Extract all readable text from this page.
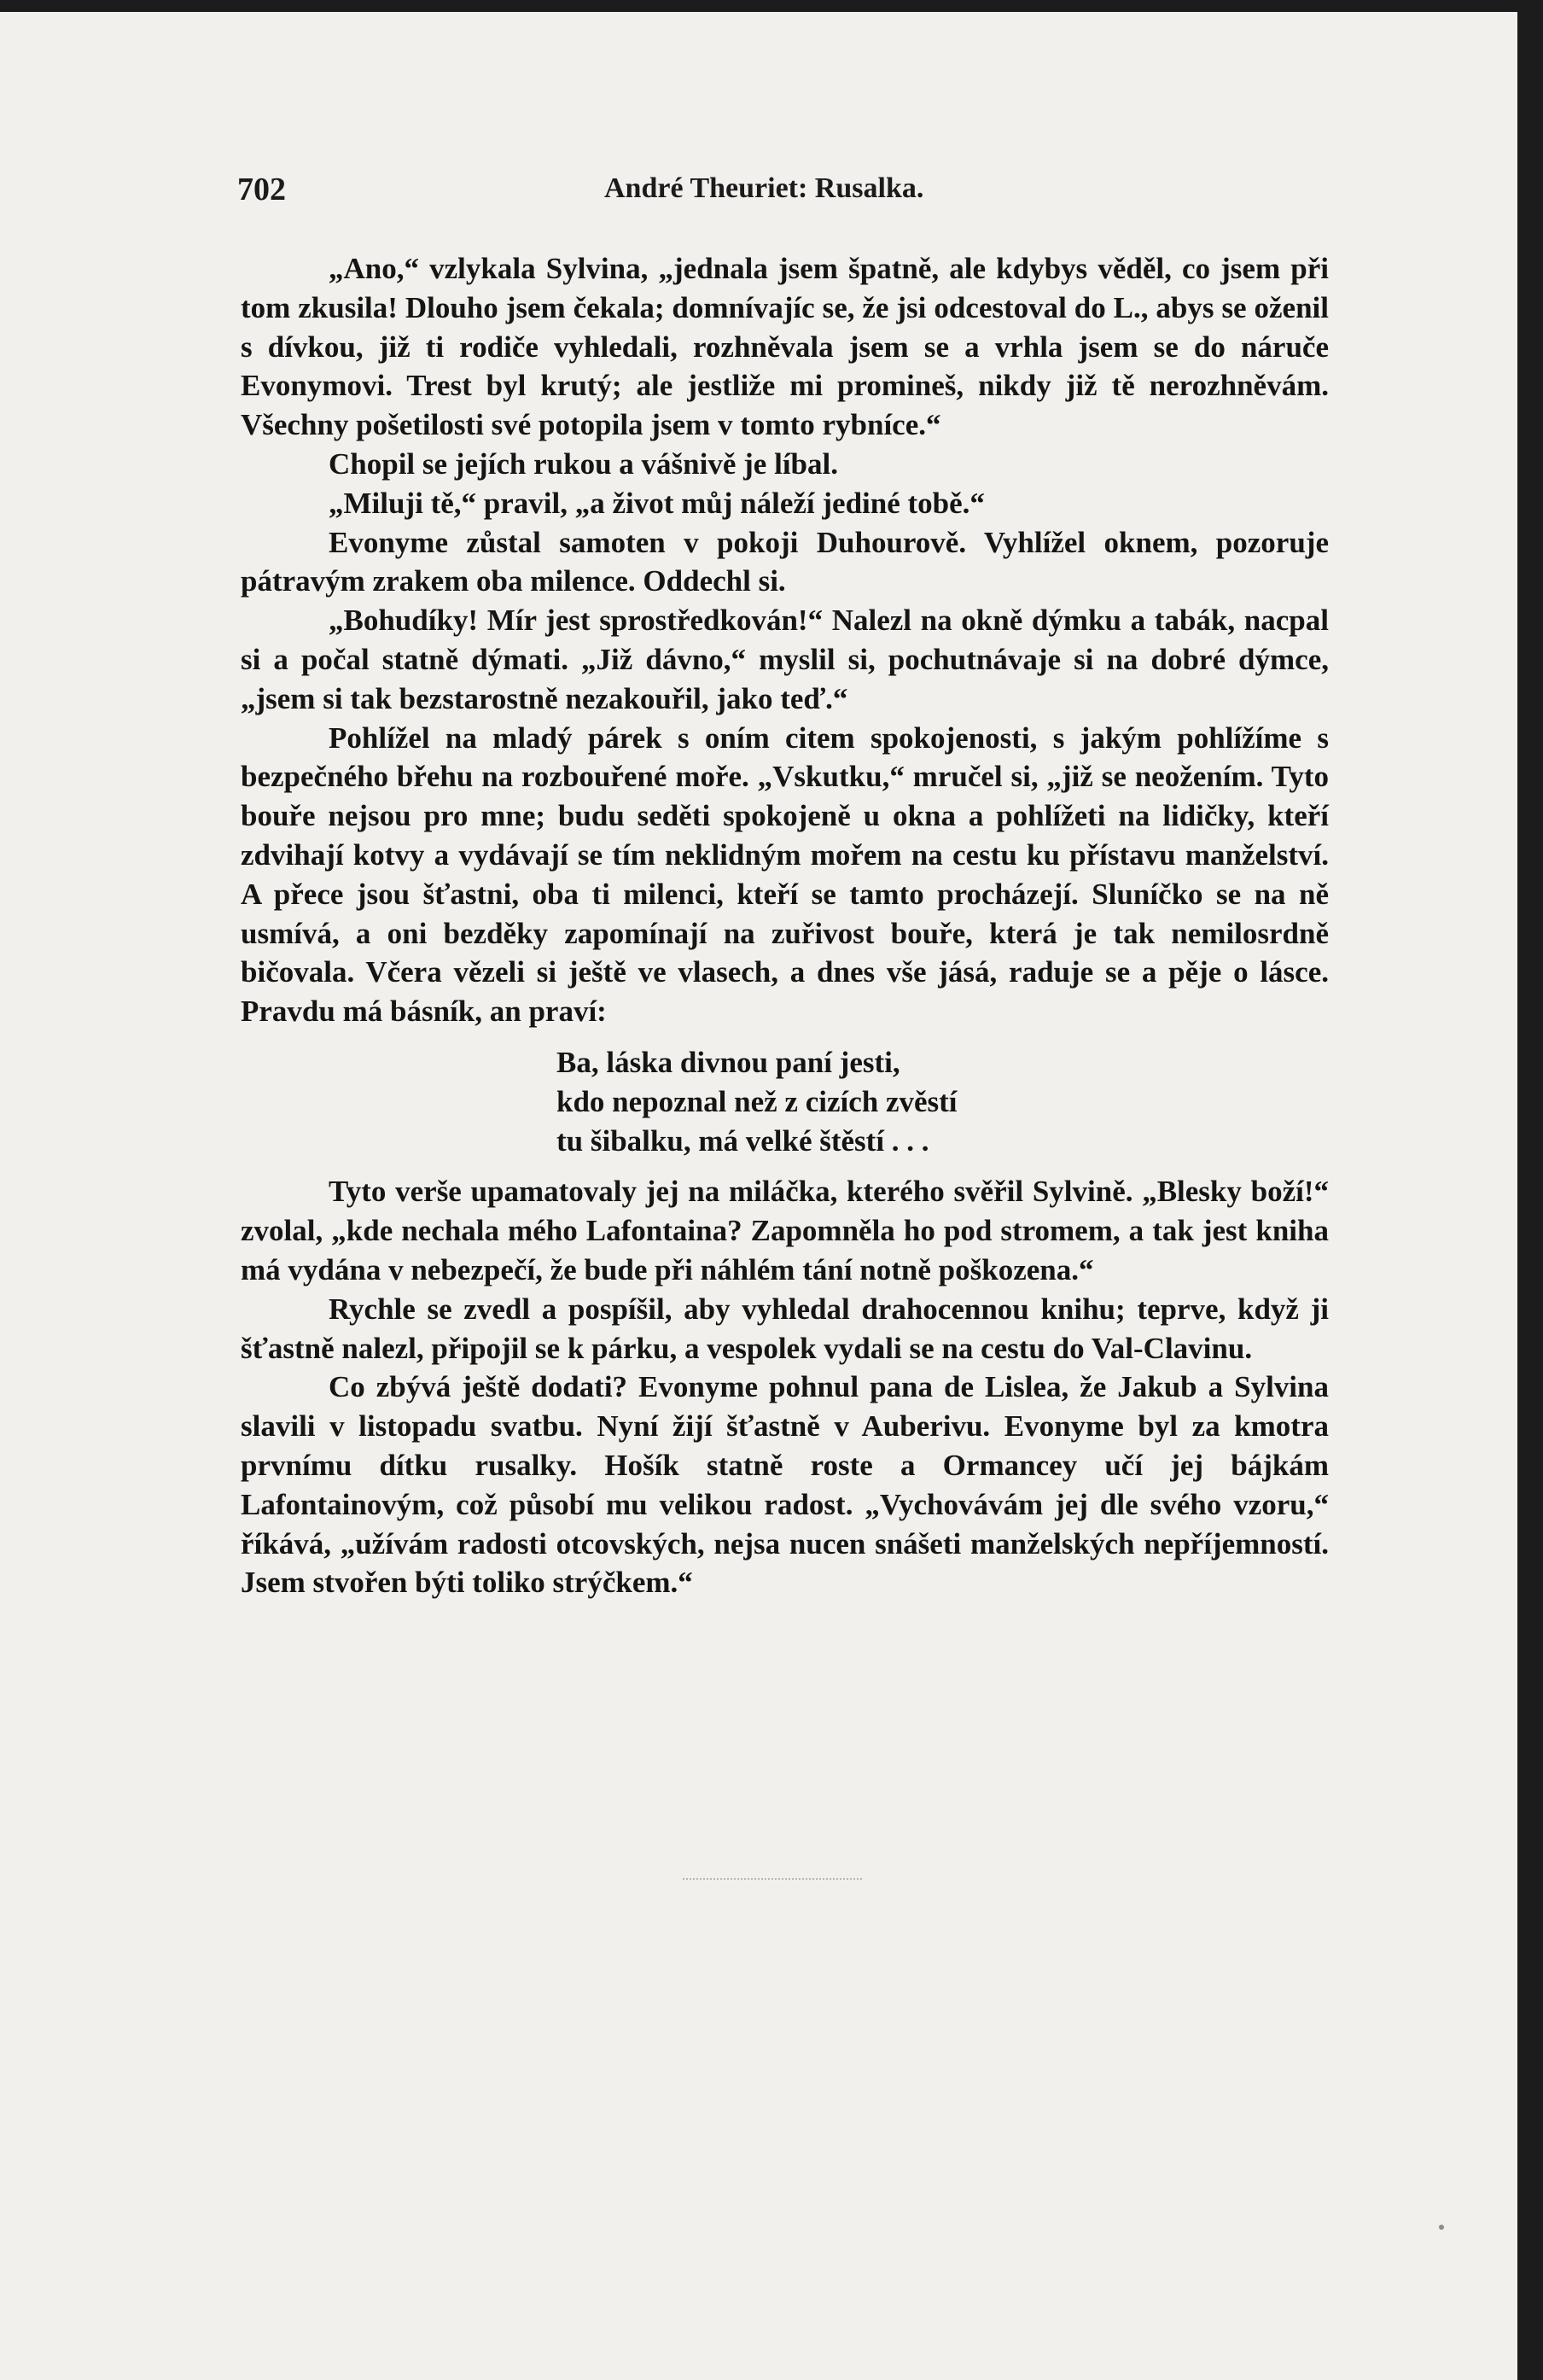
702	André Theuriet: Rusalka.

„Ano,“ vzlykala Sylvina, „jednala jsem špatně, ale kdybys věděl, co jsem při tom zkusila! Dlouho jsem čekala; domnívajíc se, že jsi odcestoval do L., abys se oženil s dívkou, již ti rodiče vyhledali, rozhněvala jsem se a vrhla jsem se do náruče Evonymovi. Trest byl krutý; ale jestliže mi promineš, nikdy již tě nerozhněvám. Všechny pošetilosti své potopila jsem v tomto rybníce.“

Chopil se jejích rukou a vášnivě je líbal.

„Miluji tě,“ pravil, „a život můj náleží jediné tobě.“

Evonyme zůstal samoten v pokoji Duhourově. Vyhlížel oknem, pozoruje pátravým zrakem oba milence. Oddechl si.

„Bohudíky! Mír jest sprostředkován!“ Nalezl na okně dýmku a tabák, nacpal si a počal statně dýmati. „Již dávno,“ myslil si, pochutnávaje si na dobré dýmce, „jsem si tak bezstarostně nezakouřil, jako teď.“

Pohlížel na mladý párek s oním citem spokojenosti, s jakým pohlížíme s bezpečného břehu na rozbouřené moře. „Vskutku,“ mručel si, „již se neožením. Tyto bouře nejsou pro mne; budu seděti spokojeně u okna a pohlížeti na lidičky, kteří zdvihají kotvy a vydávají se tím neklidným mořem na cestu ku přístavu manželství. A přece jsou šťastni, oba ti milenci, kteří se tamto procházejí. Sluníčko se na ně usmívá, a oni bezděky zapomínají na zuřivost bouře, která je tak nemilosrdně bičovala. Včera vězeli si ještě ve vlasech, a dnes vše jásá, raduje se a pěje o lásce. Pravdu má básník, an praví:

Ba, láska divnou paní jesti,
kdo nepoznal než z cizích zvěstí
tu šibalku, má velké štěstí . . .

Tyto verše upamatovaly jej na miláčka, kterého svěřil Sylvině. „Blesky boží!“ zvolal, „kde nechala mého Lafontaina? Zapomněla ho pod stromem, a tak jest kniha má vydána v nebezpečí, že bude při náhlém tání notně poškozena.“

Rychle se zvedl a pospíšil, aby vyhledal drahocennou knihu; teprve, když ji šťastně nalezl, připojil se k párku, a vespolek vydali se na cestu do Val-Clavinu.

Co zbývá ještě dodati? Evonyme pohnul pana de Lislea, že Jakub a Sylvina slavili v listopadu svatbu. Nyní žijí šťastně v Auberivu. Evonyme byl za kmotra prvnímu dítku rusalky. Hošík statně roste a Ormancey učí jej bájkám Lafontainovým, což působí mu velikou radost. „Vychovávám jej dle svého vzoru,“ říkává, „užívám radosti otcovských, nejsa nucen snášeti manželských nepříjemností. Jsem stvořen býti toliko strýčkem.“
